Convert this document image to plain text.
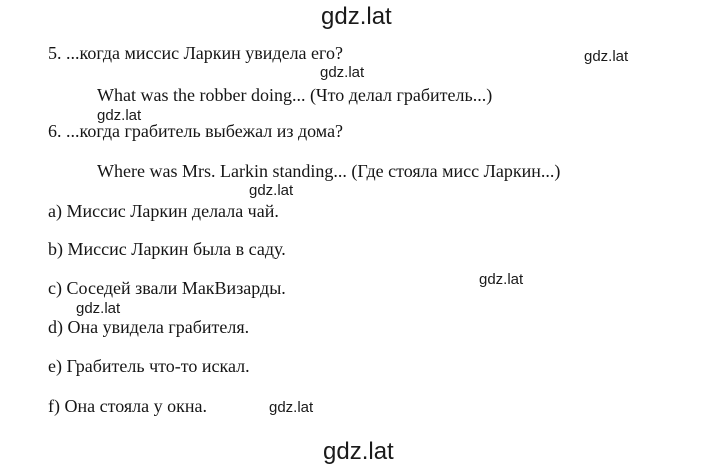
gdz.lat
gdz.lat
gdz.lat
gdz.lat
gdz.lat
gdz.lat
gdz.lat
gdz.lat
gdz.lat
5. ...когда миссис Ларкин увидела его?
What was the robber doing... (Что делал грабитель...)
6. ...когда грабитель выбежал из дома?
Where was Mrs. Larkin standing... (Где стояла мисс Ларкин...)
a) Миссис Ларкин делала чай.
b) Миссис Ларкин была в саду.
c) Соседей звали МакВизарды.
d) Она увидела грабителя.
e) Грабитель что-то искал.
f) Она стояла у окна.
